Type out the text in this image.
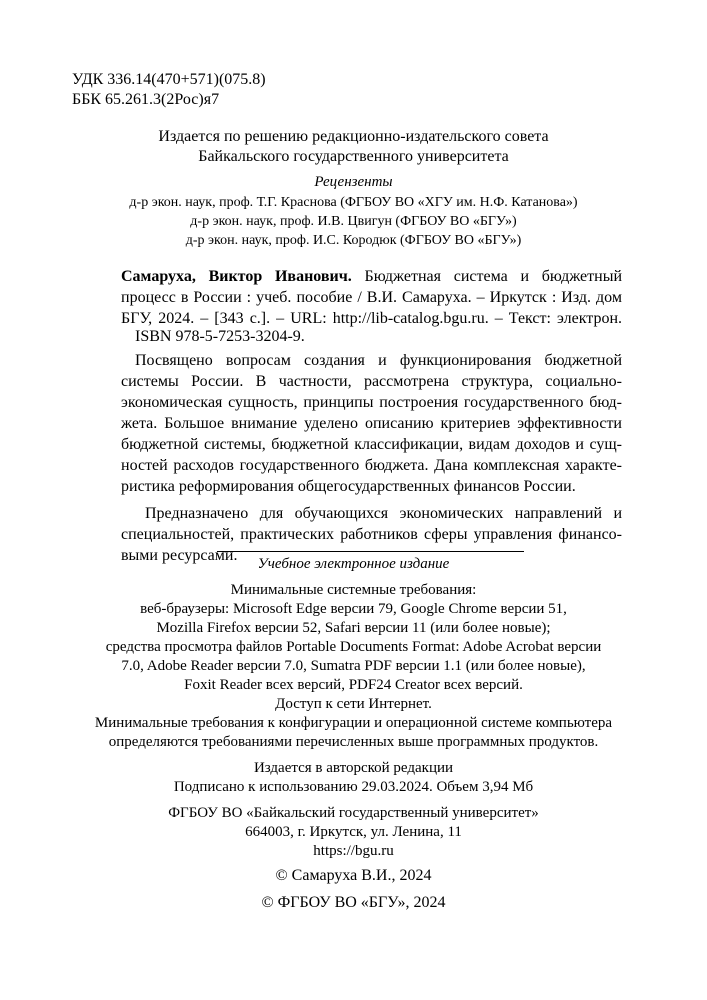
УДК 336.14(470+571)(075.8)
ББК 65.261.3(2Рос)я7
Издается по решению редакционно-издательского совета
Байкальского государственного университета
Рецензенты
д-р экон. наук, проф. Т.Г. Краснова (ФГБОУ ВО «ХГУ им. Н.Ф. Катанова»)
д-р экон. наук, проф. И.В. Цвигун (ФГБОУ ВО «БГУ»)
д-р экон. наук, проф. И.С. Кородюк (ФГБОУ ВО «БГУ»)
Самаруха, Виктор Иванович. Бюджетная система и бюджетный
процесс в России : учеб. пособие / В.И. Самаруха. – Иркутск : Изд. дом
БГУ, 2024. – [343 с.]. – URL: http://lib-catalog.bgu.ru. – Текст: электрон.
ISBN 978-5-7253-3204-9.
Посвящено вопросам создания и функционирования бюджетной
системы России. В частности, рассмотрена структура, социально-
экономическая сущность, принципы построения государственного бюд-
жета. Большое внимание уделено описанию критериев эффективности
бюджетной системы, бюджетной классификации, видам доходов и сущ-
ностей расходов государственного бюджета. Дана комплексная характе-
ристика реформирования общегосударственных финансов России.
Предназначено для обучающихся экономических направлений и
специальностей, практических работников сферы управления финансо-
выми ресурсами.	Учебное электронное издание
Минимальные системные требования:
веб-браузеры: Microsoft Edge версии 79, Google Chrome версии 51,
Mozilla Firefox версии 52, Safari версии 11 (или более новые);
средства просмотра файлов Portable Documents Format: Adobe Acrobat версии
7.0, Adobe Reader версии 7.0, Sumatra PDF версии 1.1 (или более новые),
Foxit Reader всех версий, PDF24 Creator всех версий.
Доступ к сети Интернет.
Минимальные требования к конфигурации и операционной системе компьютера
определяются требованиями перечисленных выше программных продуктов.
Издается в авторской редакции
Подписано к использованию 29.03.2024. Объем 3,94 Мб
ФГБОУ ВО «Байкальский государственный университет»
664003, г. Иркутск, ул. Ленина, 11
https://bgu.ru
© Самаруха В.И., 2024
© ФГБОУ ВО «БГУ», 2024
